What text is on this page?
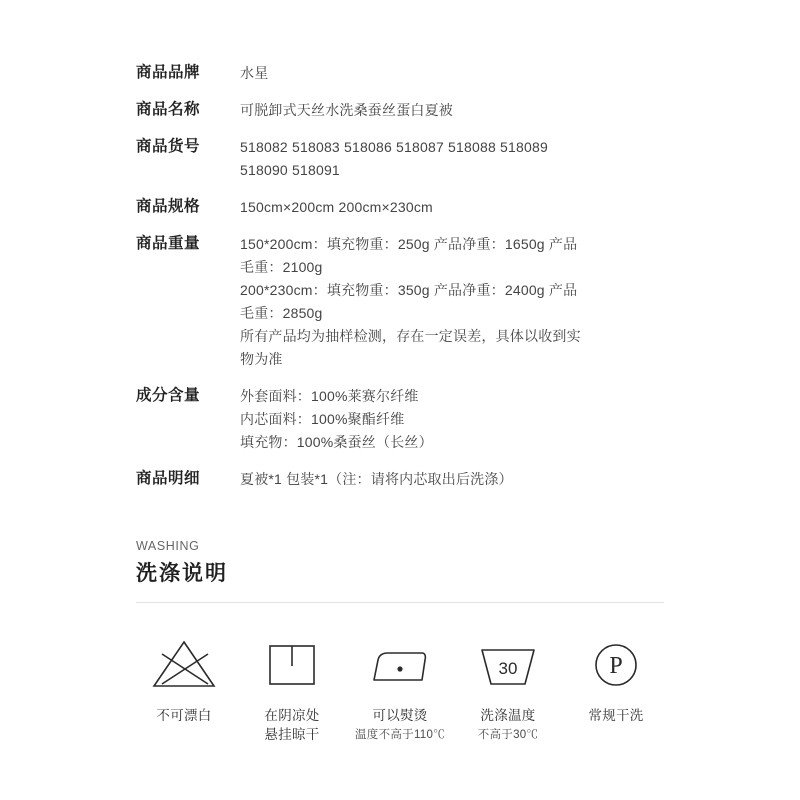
商品品牌	水星
商品名称	可脱卸式天丝水洗桑蚕丝蛋白夏被
商品货号	518082 518083 518086 518087 518088 518089
518090 518091
商品规格	150cm×200cm 200cm×230cm
商品重量	150*200cm：填充物重：250g 产品净重：1650g 产品
毛重：2100g
200*230cm：填充物重：350g 产品净重：2400g 产品
毛重：2850g
所有产品均为抽样检测，存在一定误差，具体以收到实
物为准
成分含量	外套面料：100%莱赛尔纤维
内芯面料：100%聚酯纤维
填充物：100%桑蚕丝（长丝）
商品明细	夏被*1 包装*1（注：请将内芯取出后洗涤）
WASHING
洗涤说明
不可漂白	在阴凉处
悬挂晾干
可以熨烫
温度不高于110℃
30
洗涤温度
不高于30℃
P
常规干洗
